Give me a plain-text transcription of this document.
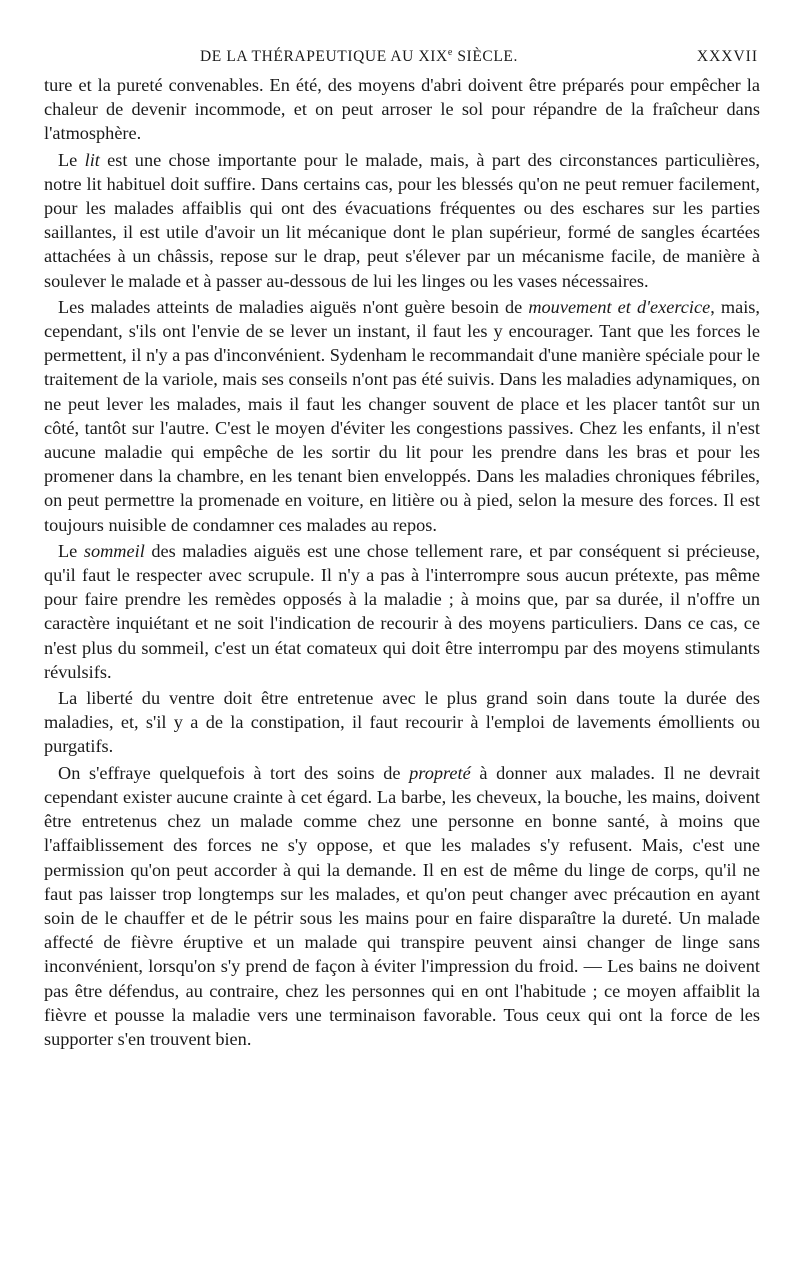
DE LA THÉRAPEUTIQUE AU XIXe SIÈCLE.	XXXVII

ture et la pureté convenables. En été, des moyens d'abri doivent être préparés pour empêcher la chaleur de devenir incommode, et on peut arroser le sol pour répandre de la fraîcheur dans l'atmosphère.

Le lit est une chose importante pour le malade, mais, à part des circonstances particulières, notre lit habituel doit suffire. Dans certains cas, pour les blessés qu'on ne peut remuer facilement, pour les malades affaiblis qui ont des évacuations fréquentes ou des eschares sur les parties saillantes, il est utile d'avoir un lit mécanique dont le plan supérieur, formé de sangles écartées attachées à un châssis, repose sur le drap, peut s'élever par un mécanisme facile, de manière à soulever le malade et à passer au-dessous de lui les linges ou les vases nécessaires.

Les malades atteints de maladies aiguës n'ont guère besoin de mouvement et d'exercice, mais, cependant, s'ils ont l'envie de se lever un instant, il faut les y encourager. Tant que les forces le permettent, il n'y a pas d'inconvénient. Sydenham le recommandait d'une manière spéciale pour le traitement de la variole, mais ses conseils n'ont pas été suivis. Dans les maladies adynamiques, on ne peut lever les malades, mais il faut les changer souvent de place et les placer tantôt sur un côté, tantôt sur l'autre. C'est le moyen d'éviter les congestions passives. Chez les enfants, il n'est aucune maladie qui empêche de les sortir du lit pour les prendre dans les bras et pour les promener dans la chambre, en les tenant bien enveloppés. Dans les maladies chroniques fébriles, on peut permettre la promenade en voiture, en litière ou à pied, selon la mesure des forces. Il est toujours nuisible de condamner ces malades au repos.

Le sommeil des maladies aiguës est une chose tellement rare, et par conséquent si précieuse, qu'il faut le respecter avec scrupule. Il n'y a pas à l'interrompre sous aucun prétexte, pas même pour faire prendre les remèdes opposés à la maladie ; à moins que, par sa durée, il n'offre un caractère inquiétant et ne soit l'indication de recourir à des moyens particuliers. Dans ce cas, ce n'est plus du sommeil, c'est un état comateux qui doit être interrompu par des moyens stimulants révulsifs.

La liberté du ventre doit être entretenue avec le plus grand soin dans toute la durée des maladies, et, s'il y a de la constipation, il faut recourir à l'emploi de lavements émollients ou purgatifs.

On s'effraye quelquefois à tort des soins de propreté à donner aux malades. Il ne devrait cependant exister aucune crainte à cet égard. La barbe, les cheveux, la bouche, les mains, doivent être entretenus chez un malade comme chez une personne en bonne santé, à moins que l'affaiblissement des forces ne s'y oppose, et que les malades s'y refusent. Mais, c'est une permission qu'on peut accorder à qui la demande. Il en est de même du linge de corps, qu'il ne faut pas laisser trop longtemps sur les malades, et qu'on peut changer avec précaution en ayant soin de le chauffer et de le pétrir sous les mains pour en faire disparaître la dureté. Un malade affecté de fièvre éruptive et un malade qui transpire peuvent ainsi changer de linge sans inconvénient, lorsqu'on s'y prend de façon à éviter l'impression du froid. — Les bains ne doivent pas être défendus, au contraire, chez les personnes qui en ont l'habitude ; ce moyen affaiblit la fièvre et pousse la maladie vers une terminaison favorable. Tous ceux qui ont la force de les supporter s'en trouvent bien.
